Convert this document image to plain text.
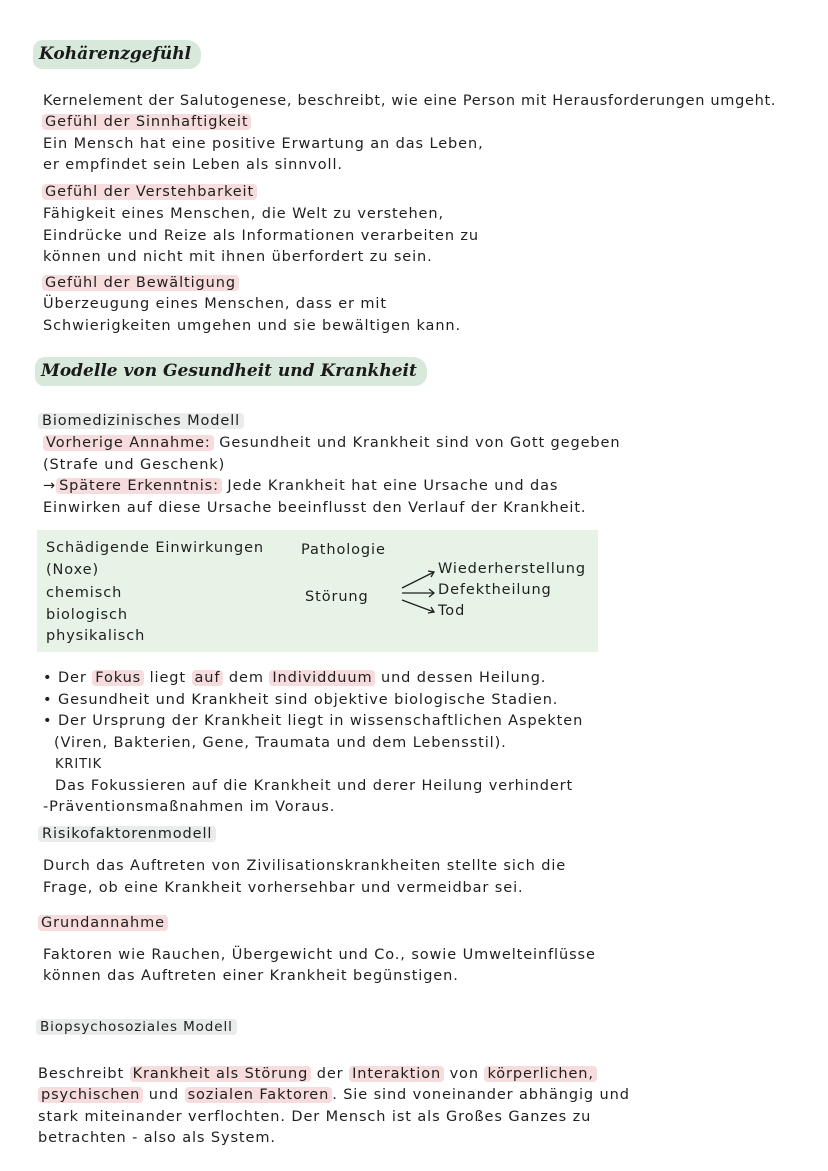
Kohärenzgefühl
Kernelement der Salutogenese, beschreibt, wie eine Person mit Herausforderungen umgeht.
Gefühl der Sinnhaftigkeit
Ein Mensch hat eine positive Erwartung an das Leben,
er empfindet sein Leben als sinnvoll.
Gefühl der Verstehbarkeit
Fähigkeit eines Menschen, die Welt zu verstehen,
Eindrücke und Reize als Informationen verarbeiten zu
können und nicht mit ihnen überfordert zu sein.
Gefühl der Bewältigung
Überzeugung eines Menschen, dass er mit
Schwierigkeiten umgehen und sie bewältigen kann.
Modelle von Gesundheit und Krankheit
Biomedizinisches Modell
Vorherige Annahme: Gesundheit und Krankheit sind von Gott gegeben
(Strafe und Geschenk)
→ Spätere Erkenntnis: Jede Krankheit hat eine Ursache und das
Einwirken auf diese Ursache beeinflusst den Verlauf der Krankheit.
Schädigende Einwirkungen
(Noxe)
chemisch
biologisch
physikalisch
Pathologie
Störung
Wiederherstellung
Defektheilung
Tod
• Der Fokus liegt auf dem Individduum und dessen Heilung.
• Gesundheit und Krankheit sind objektive biologische Stadien.
• Der Ursprung der Krankheit liegt in wissenschaftlichen Aspekten
(Viren, Bakterien, Gene, Traumata und dem Lebensstil).
KRITIK
Das Fokussieren auf die Krankheit und derer Heilung verhindert
-Präventionsmaßnahmen im Voraus.
Risikofaktorenmodell
Durch das Auftreten von Zivilisationskrankheiten stellte sich die
Frage, ob eine Krankheit vorhersehbar und vermeidbar sei.
Grundannahme
Faktoren wie Rauchen, Übergewicht und Co., sowie Umwelteinflüsse
können das Auftreten einer Krankheit begünstigen.
Biopsychosoziales Modell
Beschreibt Krankheit als Störung der Interaktion von körperlichen,
psychischen und sozialen Faktoren . Sie sind voneinander abhängig und
stark miteinander verflochten. Der Mensch ist als Großes Ganzes zu
betrachten - also als System.
